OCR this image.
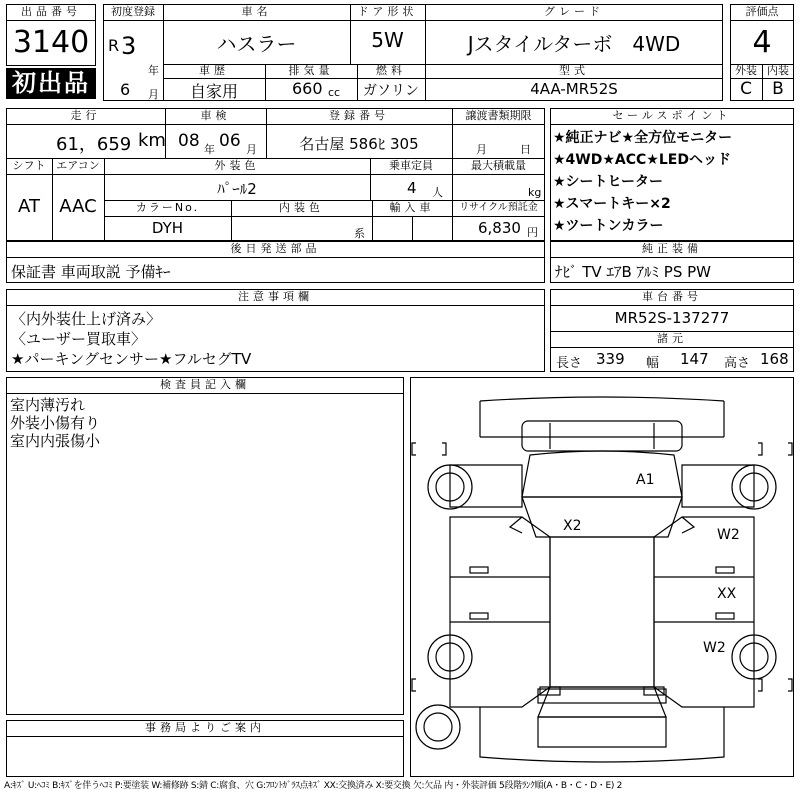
出品番号
3140
初出品
初度登録
R 3
年
6 月
車名
ハスラー
ドア形状
5W
グレード
Jスタイルターボ　4WD
車歴
自家用
排気量
660 cc
燃料
ガソリン
型式
4AA-MR52S
評価点
4
外装 内装
C	B
走行
61，659 km
車検
08 年 06 月
登録番号
名古屋 586ﾋ 305
譲渡書類期限
月	日
シフト
AT
エアコン
AAC
外装色
ﾊﾟｰﾙ2
乗車定員
4 人
最大積載量
kg
カラーNo.
DYH
内装色
系
輸入車	リサイクル預託金
6,830 円
セールスポイント
★純正ナビ★全方位モニター
★4WD★ACC★LEDヘッド
★シートヒーター
★スマートキー×2
★ツートンカラー
後日発送部品
保証書 車両取説 予備ｷｰ
純正装備
ﾅﾋﾞ TV ｴｱB ｱﾙﾐ PS PW
注意事項欄
〈内外装仕上げ済み〉
〈ユーザー買取車〉
★パーキングセンサー★フルセグTV
車台番号
MR52S-137277
諸元
長さ 339 幅 147 高さ 168
検査員記入欄
室内薄汚れ
外装小傷有り
室内内張傷小
事務局よりご案内
A1
X2
W2
XX
W2
A:ｷｽﾞ U:ﾍｺﾐ B:ｷｽﾞを伴うﾍｺﾐ P:要塗装 W:補修跡 S:錆 C:腐食、穴 G:ﾌﾛﾝﾄｶﾞﾗｽ点ｷｽﾞ XX:交換済み X:要交換 欠:欠品 内・外装評価 5段階ﾗﾝｸ順(A・B・C・D・E) 2
